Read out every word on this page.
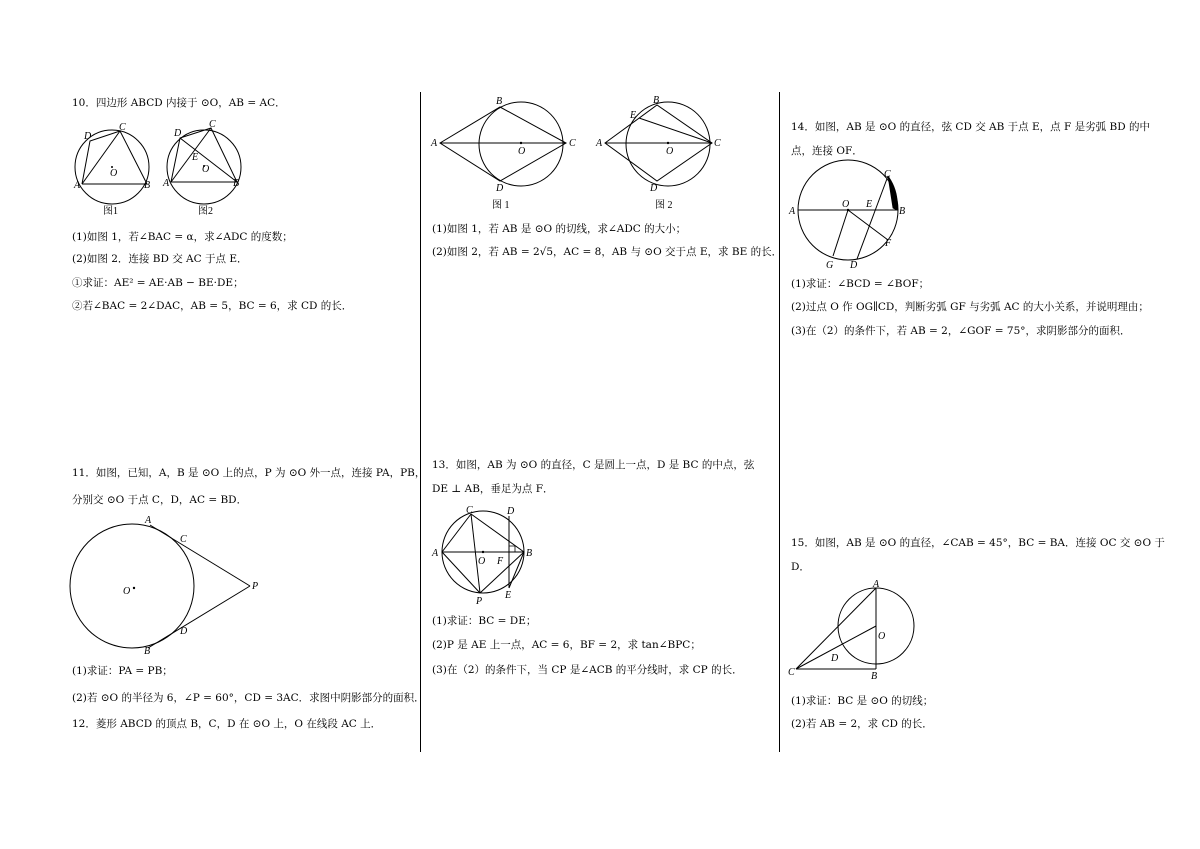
10．四边形 ABCD 内接于 ⊙O，AB = AC．
A	B
C
D
O
图1
A	B
C
D
E
O
图2
(1)如图 1，若∠BAC = α，求∠ADC 的度数；
(2)如图 2．连接 BD 交 AC 于点 E．
①求证：AE² = AE·AB − BE·DE；
②若∠BAC = 2∠DAC，AB = 5，BC = 6，求 CD 的长．
11．如图，已知，A，B 是 ⊙O 上的点，P 为 ⊙O 外一点，连接 PA，PB，
分别交 ⊙O 于点 C，D，AC = BD．
A
C
P
D
B
O
(1)求证：PA = PB；
(2)若 ⊙O 的半径为 6，∠P = 60°，CD = 3AC．求图中阴影部分的面积．
12．菱形 ABCD 的顶点 B，C，D 在 ⊙O 上，O 在线段 AC 上．
A
B
C
D
O
图 1
A
B
E
C
D
O
图 2
(1)如图 1，若 AB 是 ⊙O 的切线，求∠ADC 的大小；
(2)如图 2，若 AB = 2√5，AC = 8，AB 与 ⊙O 交于点 E，求 BE 的长．
13．如图，AB 为 ⊙O 的直径，C 是圆上一点，D 是 BC 的中点，弦
DE ⊥ AB，垂足为点 F．
A
C	D
B
O F
E
P
(1)求证：BC = DE；
(2)P 是 AE 上一点，AC = 6，BF = 2，求 tan∠BPC；
(3)在（2）的条件下，当 CP 是∠ACB 的平分线时，求 CP 的长．
14．如图，AB 是 ⊙O 的直径，弦 CD 交 AB 于点 E，点 F 是劣弧 BD 的中
点，连接 OF．
A
O E
C
B
F
G D
(1)求证：∠BCD = ∠BOF；
(2)过点 O 作 OG∥CD，判断劣弧 GF 与劣弧 AC 的大小关系，并说明理由；
(3)在（2）的条件下，若 AB = 2，∠GOF = 75°，求阴影部分的面积．
15．如图，AB 是 ⊙O 的直径，∠CAB = 45°，BC = BA．连接 OC 交 ⊙O 于
D．
A
O
D
C	B
(1)求证：BC 是 ⊙O 的切线；
(2)若 AB = 2，求 CD 的长．
